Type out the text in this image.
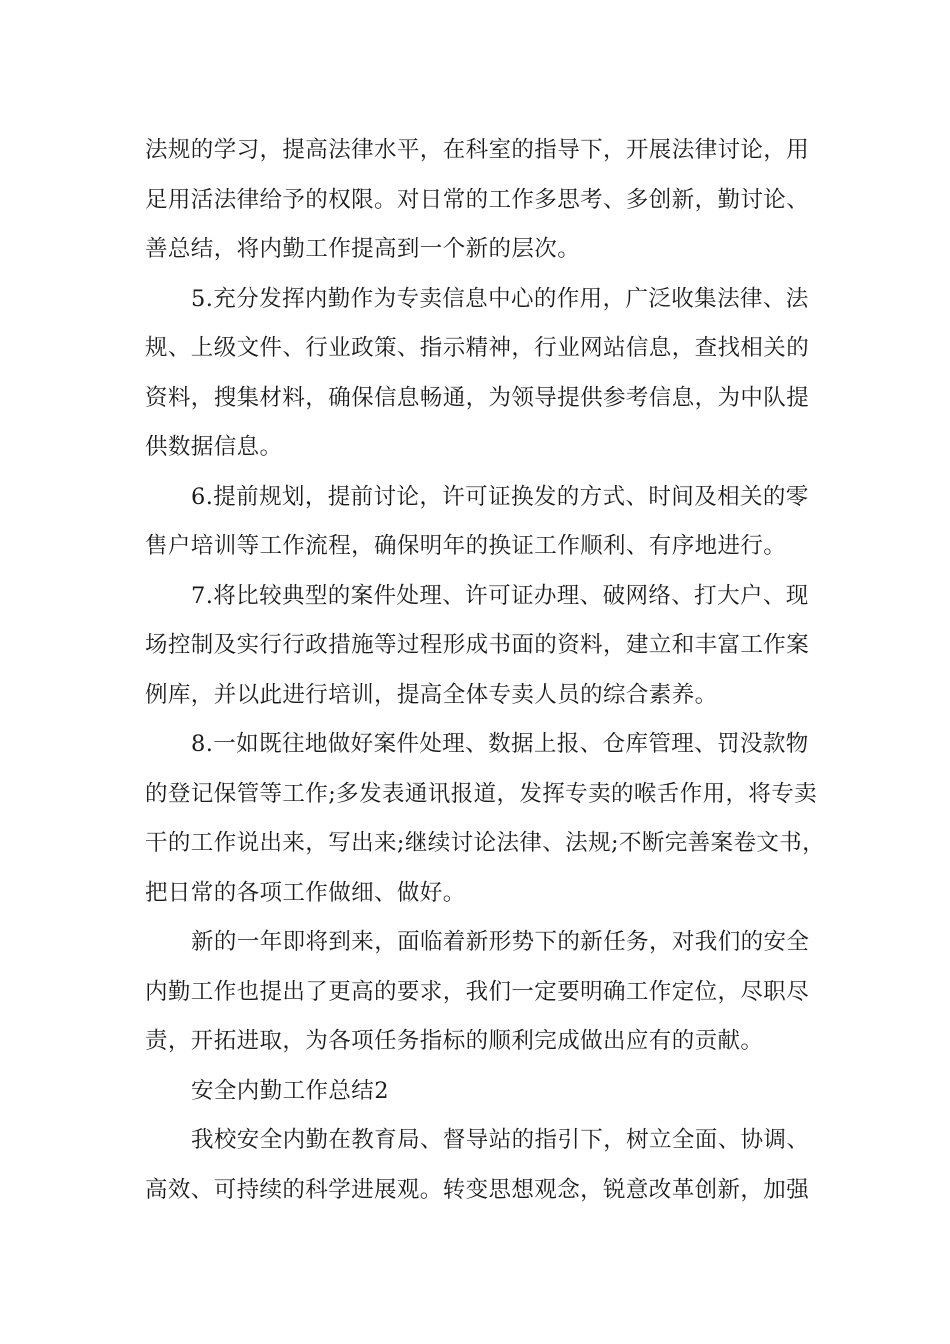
法规的学习，提高法律水平，在科室的指导下，开展法律讨论，用
足用活法律给予的权限。对日常的工作多思考、多创新，勤讨论、
善总结，将内勤工作提高到一个新的层次。
5.充分发挥内勤作为专卖信息中心的作用，广泛收集法律、法
规、上级文件、行业政策、指示精神，行业网站信息，查找相关的
资料，搜集材料，确保信息畅通，为领导提供参考信息，为中队提
供数据信息。
6.提前规划，提前讨论，许可证换发的方式、时间及相关的零
售户培训等工作流程，确保明年的换证工作顺利、有序地进行。
7.将比较典型的案件处理、许可证办理、破网络、打大户、现
场控制及实行行政措施等过程形成书面的资料，建立和丰富工作案
例库，并以此进行培训，提高全体专卖人员的综合素养。
8.一如既往地做好案件处理、数据上报、仓库管理、罚没款物
的登记保管等工作;多发表通讯报道，发挥专卖的喉舌作用，将专卖
干的工作说出来，写出来;继续讨论法律、法规;不断完善案卷文书，
把日常的各项工作做细、做好。
新的一年即将到来，面临着新形势下的新任务，对我们的安全
内勤工作也提出了更高的要求，我们一定要明确工作定位，尽职尽
责，开拓进取，为各项任务指标的顺利完成做出应有的贡献。
安全内勤工作总结2
我校安全内勤在教育局、督导站的指引下，树立全面、协调、
高效、可持续的科学进展观。转变思想观念，锐意改革创新，加强
